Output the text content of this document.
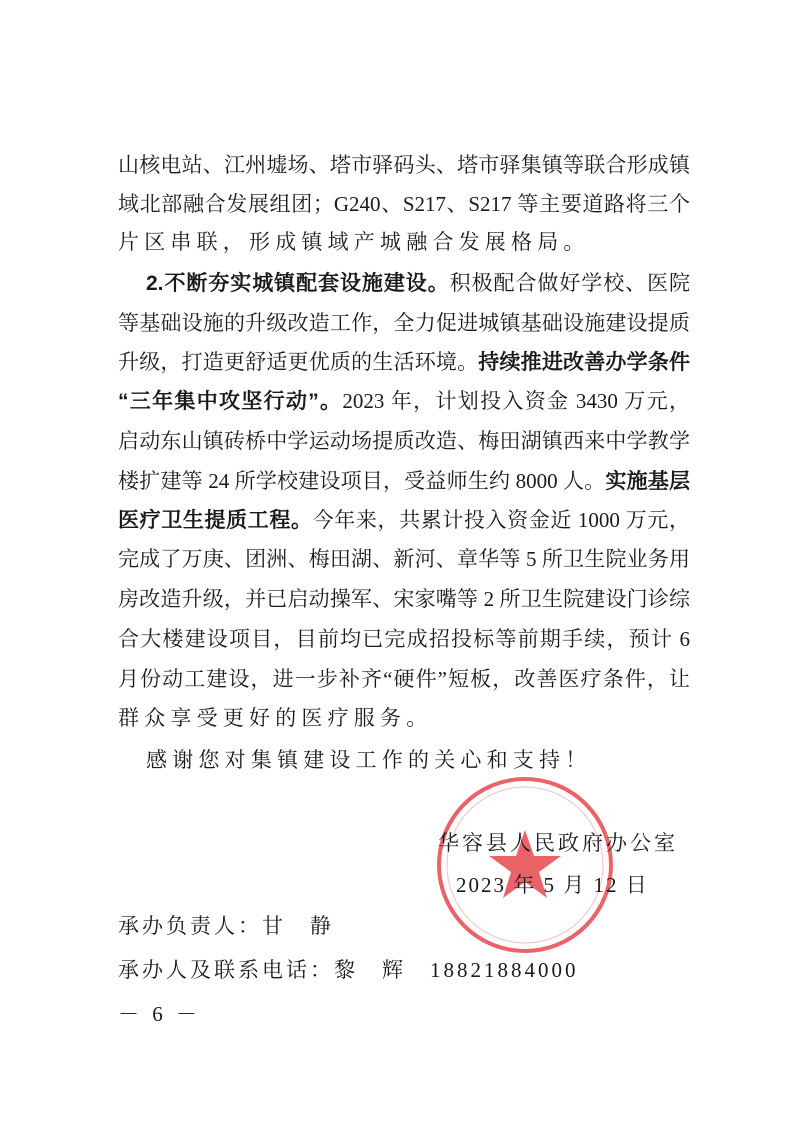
山核电站、江州墟场、塔市驿码头、塔市驿集镇等联合形成镇
域北部融合发展组团；G240、S217、S217 等主要道路将三个
片区串联，形成镇域产城融合发展格局。
2.不断夯实城镇配套设施建设。积极配合做好学校、医院
等基础设施的升级改造工作，全力促进城镇基础设施建设提质
升级，打造更舒适更优质的生活环境。持续推进改善办学条件
“三年集中攻坚行动”。2023 年，计划投入资金 3430 万元，
启动东山镇砖桥中学运动场提质改造、梅田湖镇西来中学教学
楼扩建等 24 所学校建设项目，受益师生约 8000 人。实施基层
医疗卫生提质工程。今年来，共累计投入资金近 1000 万元，
完成了万庚、团洲、梅田湖、新河、章华等 5 所卫生院业务用
房改造升级，并已启动操军、宋家嘴等 2 所卫生院建设门诊综
合大楼建设项目，目前均已完成招投标等前期手续，预计 6
月份动工建设，进一步补齐“硬件”短板，改善医疗条件，让
群众享受更好的医疗服务。
感谢您对集镇建设工作的关心和支持！
华容县人民政府办公室
2023 年 5 月 12 日
承办负责人：甘　静
承办人及联系电话：黎　辉　18821884000
－ 6 －
